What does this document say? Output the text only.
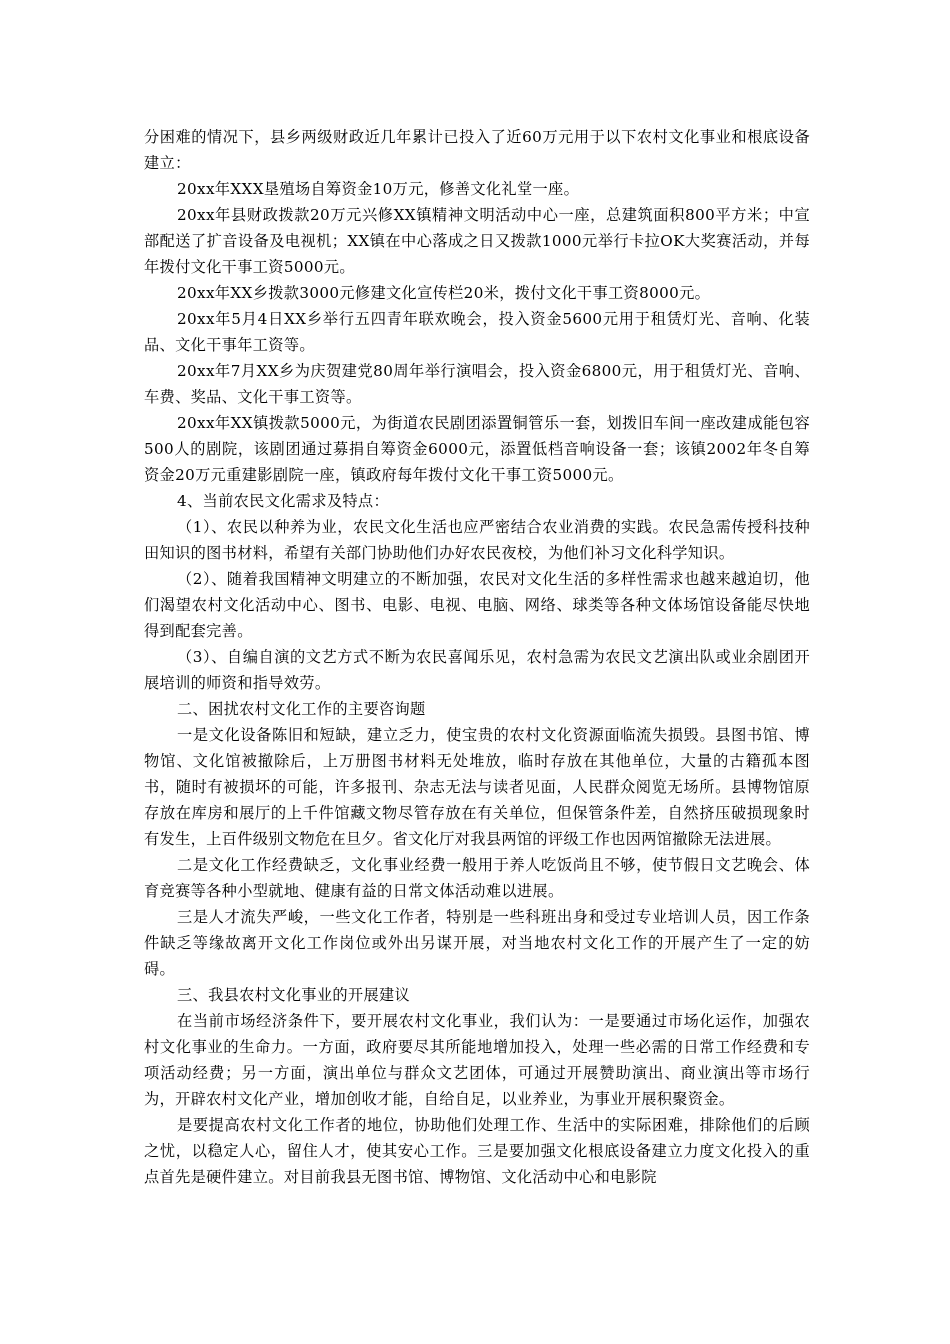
分困难的情况下，县乡两级财政近几年累计已投入了近60万元用于以下农村文化事业和根底设备建立：

20xx年XXX垦殖场自筹资金10万元，修善文化礼堂一座。

20xx年县财政拨款20万元兴修XX镇精神文明活动中心一座，总建筑面积800平方米；中宣部配送了扩音设备及电视机；XX镇在中心落成之日又拨款1000元举行卡拉OK大奖赛活动，并每年拨付文化干事工资5000元。

20xx年XX乡拨款3000元修建文化宣传栏20米，拨付文化干事工资8000元。

20xx年5月4日XX乡举行五四青年联欢晚会，投入资金5600元用于租赁灯光、音响、化装品、文化干事年工资等。

20xx年7月XX乡为庆贺建党80周年举行演唱会，投入资金6800元，用于租赁灯光、音响、车费、奖品、文化干事工资等。

20xx年XX镇拨款5000元，为街道农民剧团添置铜管乐一套，划拨旧车间一座改建成能包容500人的剧院，该剧团通过募捐自筹资金6000元，添置低档音响设备一套；该镇2002年冬自筹资金20万元重建影剧院一座，镇政府每年拨付文化干事工资5000元。

4、当前农民文化需求及特点：

（1）、农民以种养为业，农民文化生活也应严密结合农业消费的实践。农民急需传授科技种田知识的图书材料，希望有关部门协助他们办好农民夜校，为他们补习文化科学知识。

（2）、随着我国精神文明建立的不断加强，农民对文化生活的多样性需求也越来越迫切，他们渴望农村文化活动中心、图书、电影、电视、电脑、网络、球类等各种文体场馆设备能尽快地得到配套完善。

（3）、自编自演的文艺方式不断为农民喜闻乐见，农村急需为农民文艺演出队或业余剧团开展培训的师资和指导效劳。

二、困扰农村文化工作的主要咨询题

一是文化设备陈旧和短缺，建立乏力，使宝贵的农村文化资源面临流失损毁。县图书馆、博物馆、文化馆被撤除后，上万册图书材料无处堆放，临时存放在其他单位，大量的古籍孤本图书，随时有被损坏的可能，许多报刊、杂志无法与读者见面，人民群众阅览无场所。县博物馆原存放在库房和展厅的上千件馆藏文物尽管存放在有关单位，但保管条件差，自然挤压破损现象时有发生，上百件级别文物危在旦夕。省文化厅对我县两馆的评级工作也因两馆撤除无法进展。

二是文化工作经费缺乏，文化事业经费一般用于养人吃饭尚且不够，使节假日文艺晚会、体育竞赛等各种小型就地、健康有益的日常文体活动难以进展。

三是人才流失严峻，一些文化工作者，特别是一些科班出身和受过专业培训人员，因工作条件缺乏等缘故离开文化工作岗位或外出另谋开展，对当地农村文化工作的开展产生了一定的妨碍。

三、我县农村文化事业的开展建议

在当前市场经济条件下，要开展农村文化事业，我们认为：一是要通过市场化运作，加强农村文化事业的生命力。一方面，政府要尽其所能地增加投入，处理一些必需的日常工作经费和专项活动经费；另一方面，演出单位与群众文艺团体，可通过开展赞助演出、商业演出等市场行为，开辟农村文化产业，增加创收才能，自给自足，以业养业，为事业开展积聚资金。

是要提高农村文化工作者的地位，协助他们处理工作、生活中的实际困难，排除他们的后顾之忧，以稳定人心，留住人才，使其安心工作。三是要加强文化根底设备建立力度文化投入的重点首先是硬件建立。对目前我县无图书馆、博物馆、文化活动中心和电影院
